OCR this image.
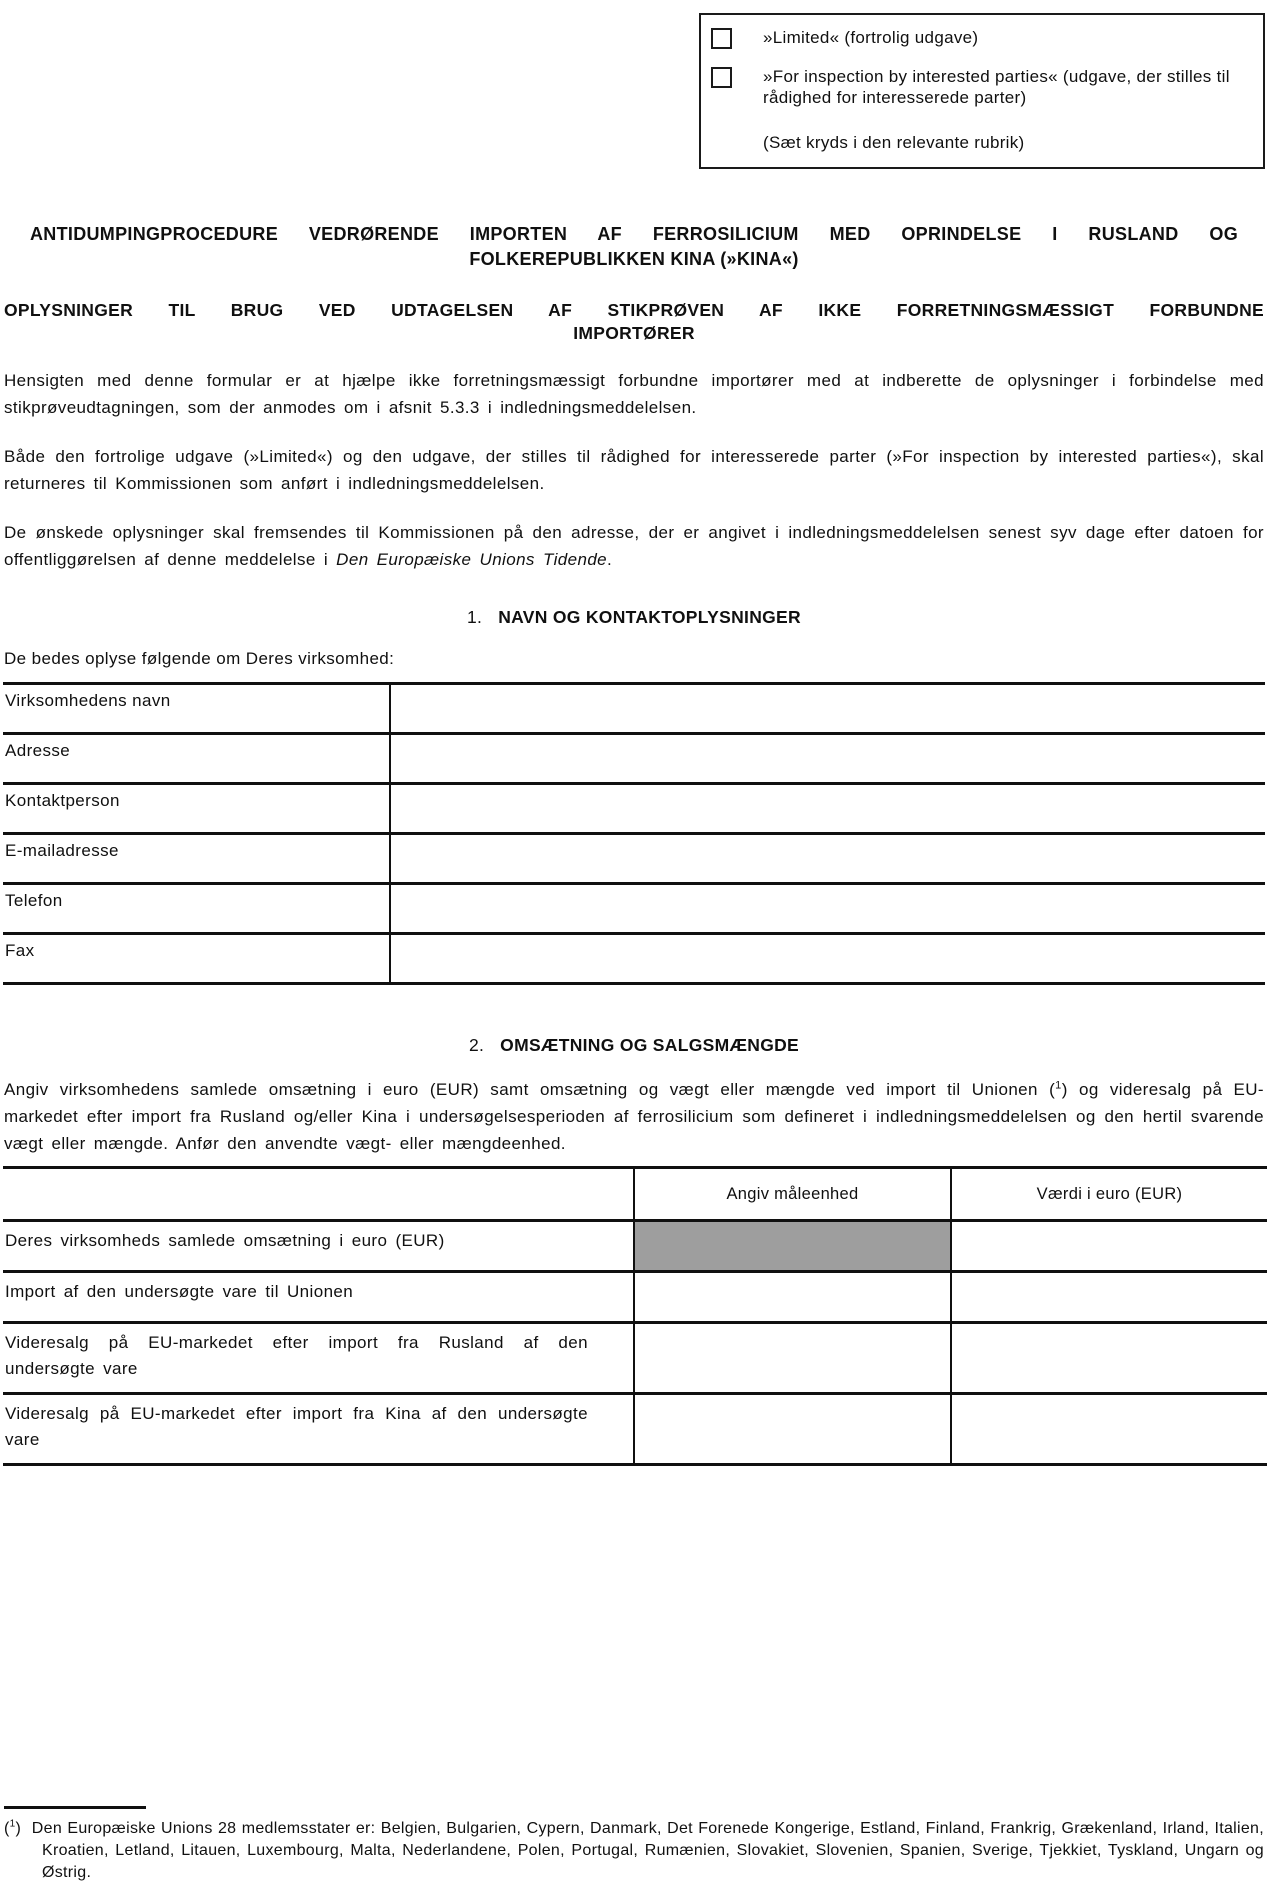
»Limited« (fortrolig udgave)
»For inspection by interested parties« (udgave, der stilles til rådighed for interesserede parter)
(Sæt kryds i den relevante rubrik)
ANTIDUMPINGPROCEDURE VEDRØRENDE IMPORTEN AF FERROSILICIUM MED OPRINDELSE I RUSLAND OG
FOLKEREPUBLIKKEN KINA (»KINA«)
OPLYSNINGER TIL BRUG VED UDTAGELSEN AF STIKPRØVEN AF IKKE FORRETNINGSMÆSSIGT FORBUNDNE
IMPORTØRER

Hensigten med denne formular er at hjælpe ikke forretningsmæssigt forbundne importører med at indberette de oplysninger i forbindelse med stikprøveudtagningen, som der anmodes om i afsnit 5.3.3 i indledningsmeddelelsen.

Både den fortrolige udgave (»Limited«) og den udgave, der stilles til rådighed for interesserede parter (»For inspection by interested parties«), skal returneres til Kommissionen som anført i indledningsmeddelelsen.

De ønskede oplysninger skal fremsendes til Kommissionen på den adresse, der er angivet i indledningsmeddelelsen senest syv dage efter datoen for offentliggørelsen af denne meddelelse i Den Europæiske Unions Tidende.

1. NAVN OG KONTAKTOPLYSNINGER

De bedes oplyse følgende om Deres virksomhed:

Virksomhedens navn	
Adresse	
Kontaktperson	
E-mailadresse	
Telefon	
Fax	
2. OMSÆTNING OG SALGSMÆNGDE

Angiv virksomhedens samlede omsætning i euro (EUR) samt omsætning og vægt eller mængde ved import til Unionen ($^1$) og videresalg på EU-markedet efter import fra Rusland og/eller Kina i undersøgelsesperioden af ferrosilicium som defineret i indledningsmeddelelsen og den hertil svarende vægt eller mængde. Anfør den anvendte vægt- eller mængdeenhed.

	Angiv måleenhed	Værdi i euro (EUR)
Deres virksomheds samlede omsætning i euro (EUR)		
Import af den undersøgte vare til Unionen		
Videresalg på EU-markedet efter import fra Rusland af den undersøgte vare		
Videresalg på EU-markedet efter import fra Kina af den undersøgte vare		

($^1$) Den Europæiske Unions 28 medlemsstater er: Belgien, Bulgarien, Cypern, Danmark, Det Forenede Kongerige, Estland, Finland, Frankrig, Grækenland, Irland, Italien, Kroatien, Letland, Litauen, Luxembourg, Malta, Nederlandene, Polen, Portugal, Rumænien, Slovakiet, Slovenien, Spanien, Sverige, Tjekkiet, Tyskland, Ungarn og Østrig.
